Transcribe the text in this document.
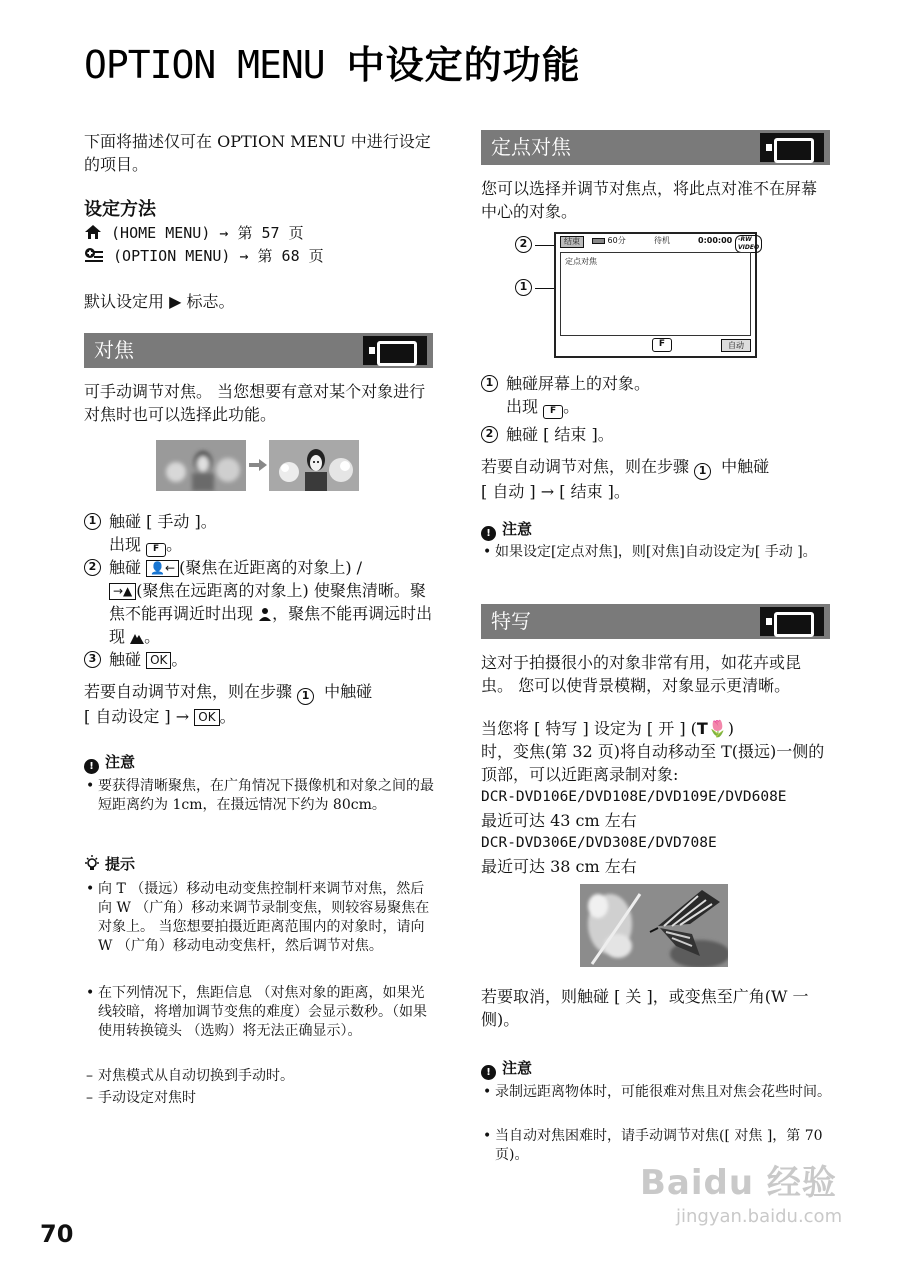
OPTION MENU 中设定的功能
下面将描述仅可在 OPTION MENU 中进行设定的项目。
设定方法
(HOME MENU) → 第 57 页
(OPTION MENU) → 第 68 页
默认设定用 ▶ 标志。
对焦
可手动调节对焦。 当您想要有意对某个对象进行对焦时也可以选择此功能。
1 触碰 [ 手动 ]。
出现 F 。
2 触碰 👤← (聚焦在近距离的对象上) /
→▲ (聚焦在远距离的对象上) 使聚焦清晰。聚焦不能再调近时出现 ，聚焦不能再调远时出现 。
3 触碰 OK 。
若要自动调节对焦，则在步骤 1 中触碰
[ 自动设定 ] → OK 。
! 注意
• 要获得清晰聚焦，在广角情况下摄像机和对象之间的最短距离约为 1cm，在摄远情况下约为 80cm。
提示
• 向 T （摄远）移动电动变焦控制杆来调节对焦，然后向 W （广角）移动来调节录制变焦，则较容易聚焦在对象上。 当您想要拍摄近距离范围内的对象时，请向 W （广角）移动电动变焦杆，然后调节对焦。
• 在下列情况下，焦距信息 （对焦对象的距离，如果光线较暗，将增加调节变焦的难度）会显示数秒。（如果使用转换镜头 （选购）将无法正确显示）。
– 对焦模式从自动切换到手动时。
– 手动设定对焦时
定点对焦
您可以选择并调节对焦点，将此点对准不在屏幕中心的对象。
2
1
结束	60分	待机	0:00:00 -RW VIDEO
定点对焦
F	自动
1 触碰屏幕上的对象。
出现 F 。
2 触碰 [ 结束 ]。
若要自动调节对焦，则在步骤 1 中触碰
[ 自动 ] → [ 结束 ]。
! 注意
• 如果设定[定点对焦]，则[对焦]自动设定为[ 手动 ]。
特写
这对于拍摄很小的对象非常有用，如花卉或昆虫。 您可以使背景模糊，对象显示更清晰。
当您将 [ 特写 ] 设定为 [ 开 ] (T🌷)
时，变焦(第 32 页)将自动移动至 T(摄远)一侧的顶部，可以近距离录制对象:
DCR-DVD106E/DVD108E/DVD109E/DVD608E
最近可达 43 cm 左右
DCR-DVD306E/DVD308E/DVD708E
最近可达 38 cm 左右
若要取消，则触碰 [ 关 ]，或变焦至广角(W 一侧)。
! 注意
• 录制远距离物体时，可能很难对焦且对焦会花些时间。
• 当自动对焦困难时，请手动调节对焦([ 对焦 ]，第 70 页)。
70
Baidu 经验
jingyan.baidu.com
